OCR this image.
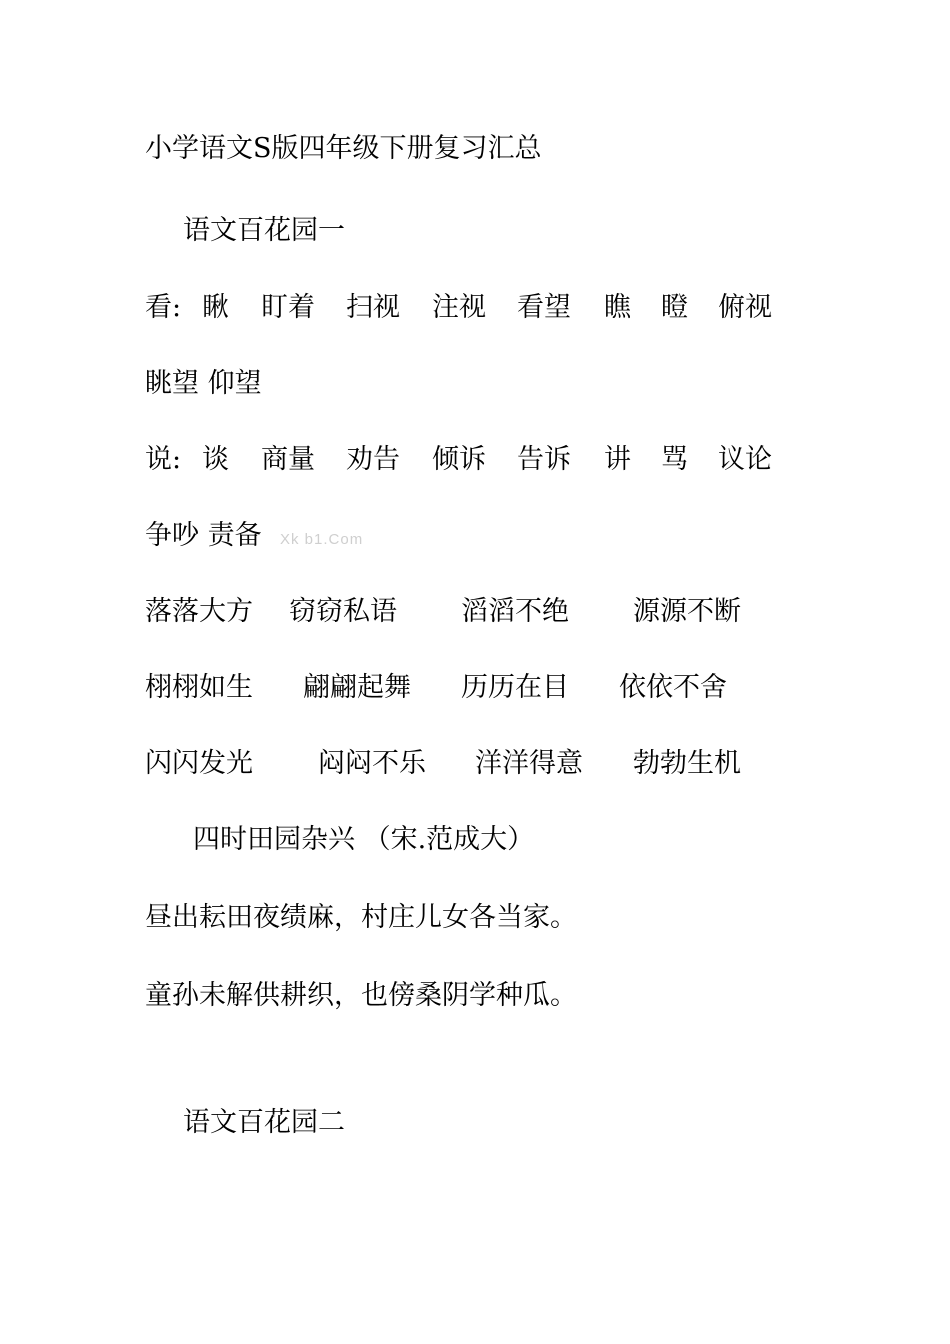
小学语文S版四年级下册复习汇总
语文百花园一
看: 瞅 盯着 扫视 注视 看望 瞧 瞪 俯视
眺望 仰望
说: 谈 商量 劝告 倾诉 告诉 讲 骂 议论
争吵 责备 Xk b1.Com
落落大方 窃窃私语 滔滔不绝 源源不断
栩栩如生 翩翩起舞 历历在目 依依不舍
闪闪发光 闷闷不乐 洋洋得意 勃勃生机
四时田园杂兴 （宋.范成大）
昼出耘田夜绩麻，村庄儿女各当家。
童孙未解供耕织，也傍桑阴学种瓜。
语文百花园二
